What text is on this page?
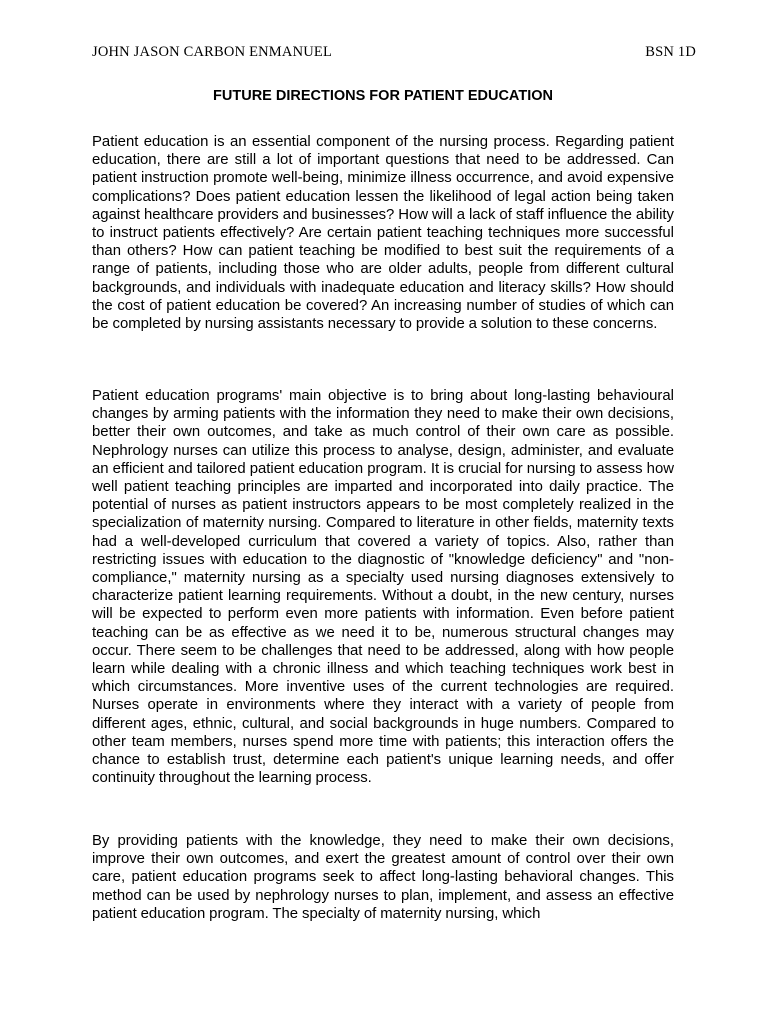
JOHN JASON CARBON ENMANUEL	BSN 1D
FUTURE DIRECTIONS FOR PATIENT EDUCATION

Patient education is an essential component of the nursing process. Regarding patient education, there are still a lot of important questions that need to be addressed. Can patient instruction promote well-being, minimize illness occurrence, and avoid expensive complications? Does patient education lessen the likelihood of legal action being taken against healthcare providers and businesses? How will a lack of staff influence the ability to instruct patients effectively? Are certain patient teaching techniques more successful than others? How can patient teaching be modified to best suit the requirements of a range of patients, including those who are older adults, people from different cultural backgrounds, and individuals with inadequate education and literacy skills? How should the cost of patient education be covered? An increasing number of studies of which can be completed by nursing assistants necessary to provide a solution to these concerns.

Patient education programs' main objective is to bring about long-lasting behavioural changes by arming patients with the information they need to make their own decisions, better their own outcomes, and take as much control of their own care as possible. Nephrology nurses can utilize this process to analyse, design, administer, and evaluate an efficient and tailored patient education program. It is crucial for nursing to assess how well patient teaching principles are imparted and incorporated into daily practice. The potential of nurses as patient instructors appears to be most completely realized in the specialization of maternity nursing. Compared to literature in other fields, maternity texts had a well-developed curriculum that covered a variety of topics. Also, rather than restricting issues with education to the diagnostic of "knowledge deficiency" and "non-compliance," maternity nursing as a specialty used nursing diagnoses extensively to characterize patient learning requirements. Without a doubt, in the new century, nurses will be expected to perform even more patients with information. Even before patient teaching can be as effective as we need it to be, numerous structural changes may occur. There seem to be challenges that need to be addressed, along with how people learn while dealing with a chronic illness and which teaching techniques work best in which circumstances. More inventive uses of the current technologies are required. Nurses operate in environments where they interact with a variety of people from different ages, ethnic, cultural, and social backgrounds in huge numbers. Compared to other team members, nurses spend more time with patients; this interaction offers the chance to establish trust, determine each patient's unique learning needs, and offer continuity throughout the learning process.

By providing patients with the knowledge, they need to make their own decisions, improve their own outcomes, and exert the greatest amount of control over their own care, patient education programs seek to affect long-lasting behavioral changes. This method can be used by nephrology nurses to plan, implement, and assess an effective patient education program. The specialty of maternity nursing, which
